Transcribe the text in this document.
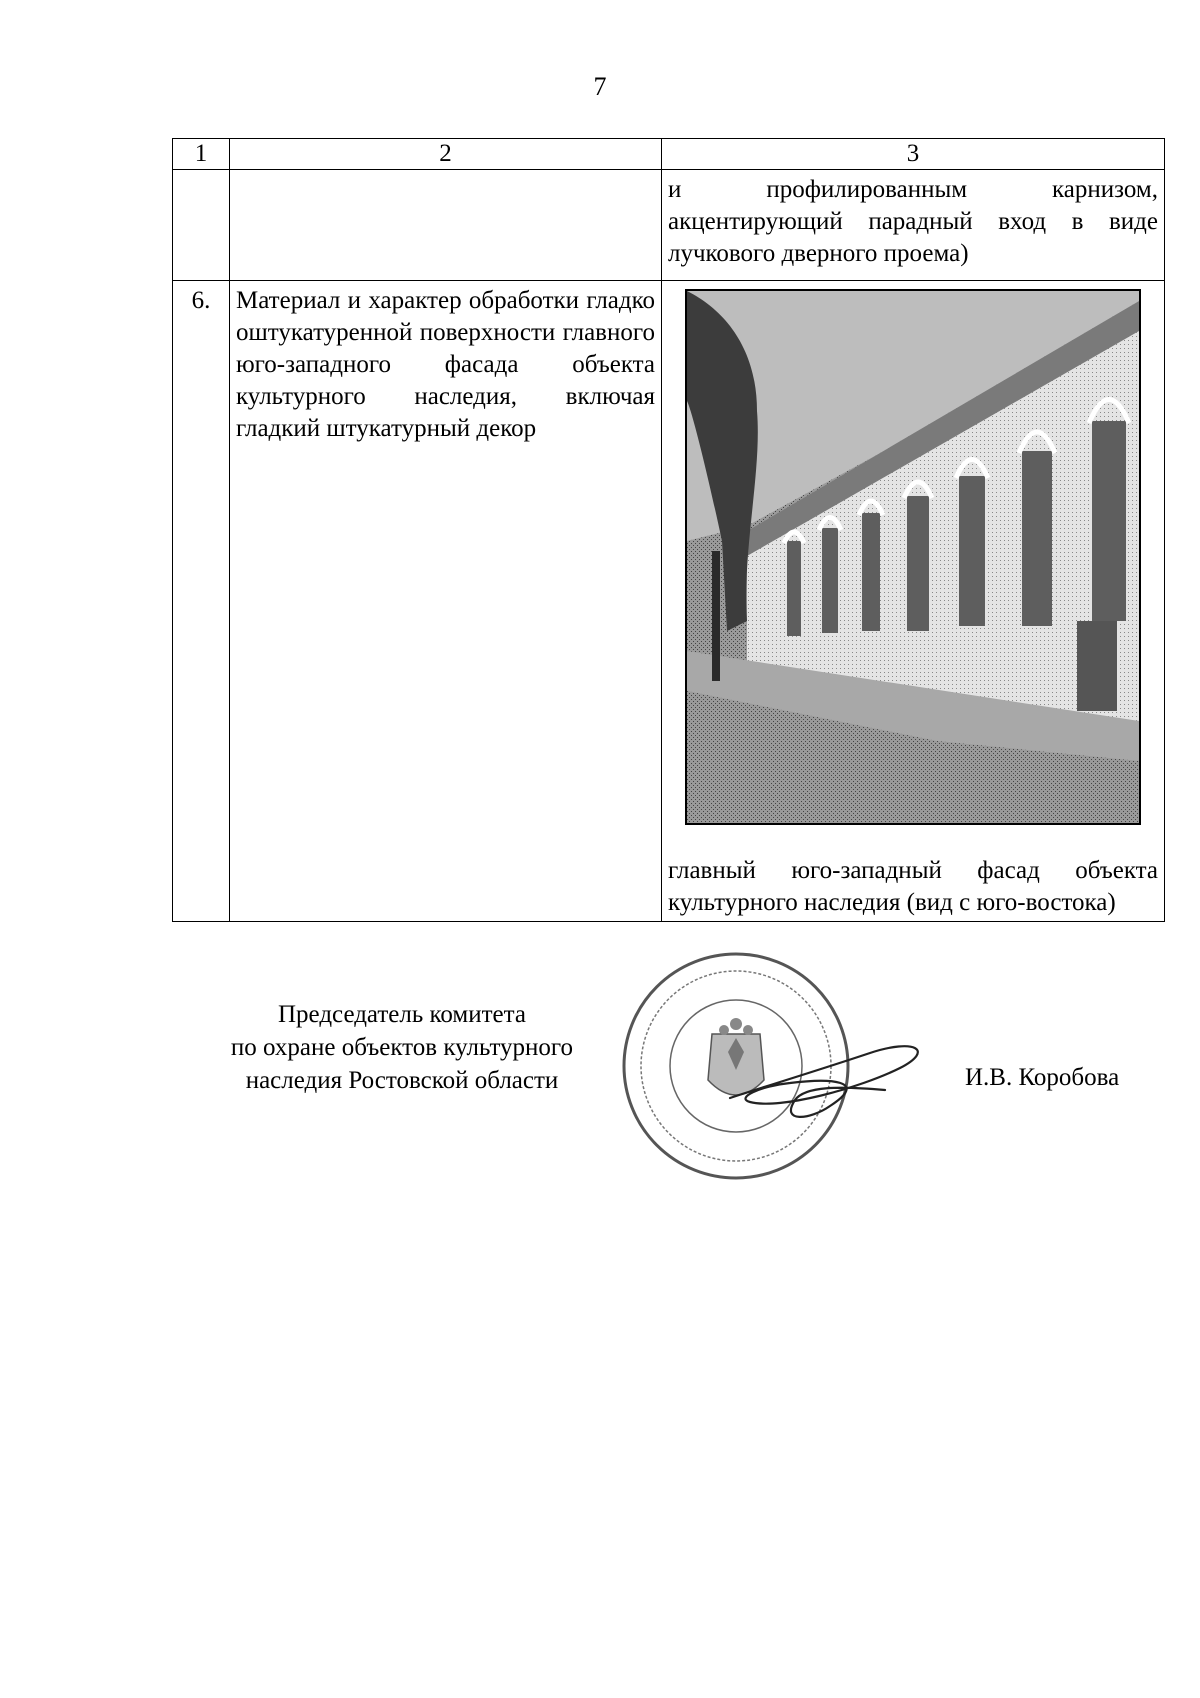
7
1	2	3
		и профилированным карнизом, акцентирующий парадный вход в виде лучкового дверного проема)
6.	Материал и характер обработки гладко оштукатуренной поверхности главного юго-западного фасада объекта культурного наследия, включая гладкий штукатурный декор	главный юго-западный фасад объекта культурного наследия (вид с юго-востока)
Председатель комитета
по охране объектов культурного
наследия Ростовской области	И.В. Коробова
